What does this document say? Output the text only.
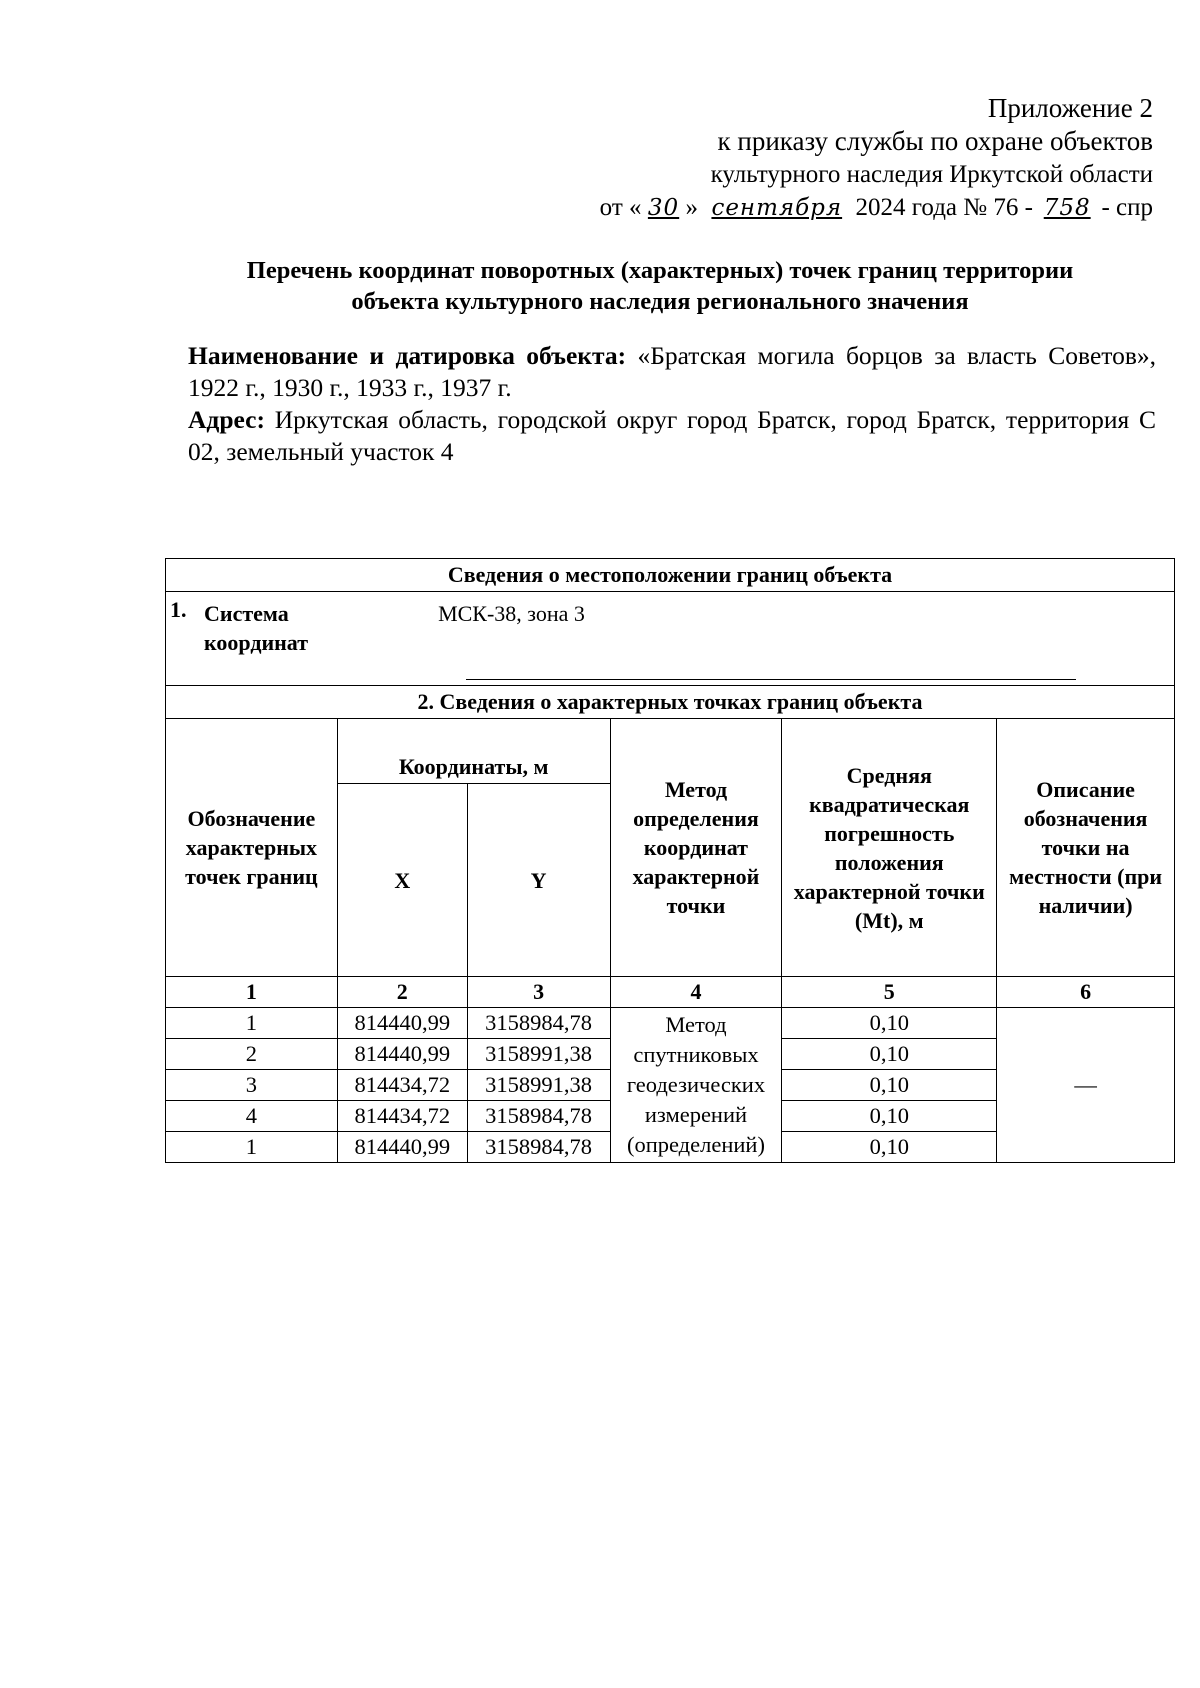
Приложение 2
к приказу службы по охране объектов
культурного наследия Иркутской области
от « 30 » сентября 2024 года № 76 - 758 - спр
Перечень координат поворотных (характерных) точек границ территории
объекта культурного наследия регионального значения

Наименование и датировка объекта: «Братская могила борцов за власть Советов», 1922 г., 1930 г., 1933 г., 1937 г.

Адрес: Иркутская область, городской округ город Братск, город Братск, территория С 02, земельный участок 4

Сведения о местоположении границ объекта					

1. Система
координат
МСК-38, зона 3					

2. Сведения о характерных точках границ объекта					
Обозначение характерных точек границ	Координаты, м		Метод определения координат характерной точки	Средняя квадратическая погрешность положения характерной точки (Mt), м	Описание обозначения точки на местности (при наличии)
	X	Y			
1	2	3	4	5	6
1	814440,99	3158984,78	Метод спутниковых геодезических измерений (определений)	0,10	—
2	814440,99	3158991,38		0,10	
3	814434,72	3158991,38		0,10	
4	814434,72	3158984,78		0,10	
1	814440,99	3158984,78		0,10	
